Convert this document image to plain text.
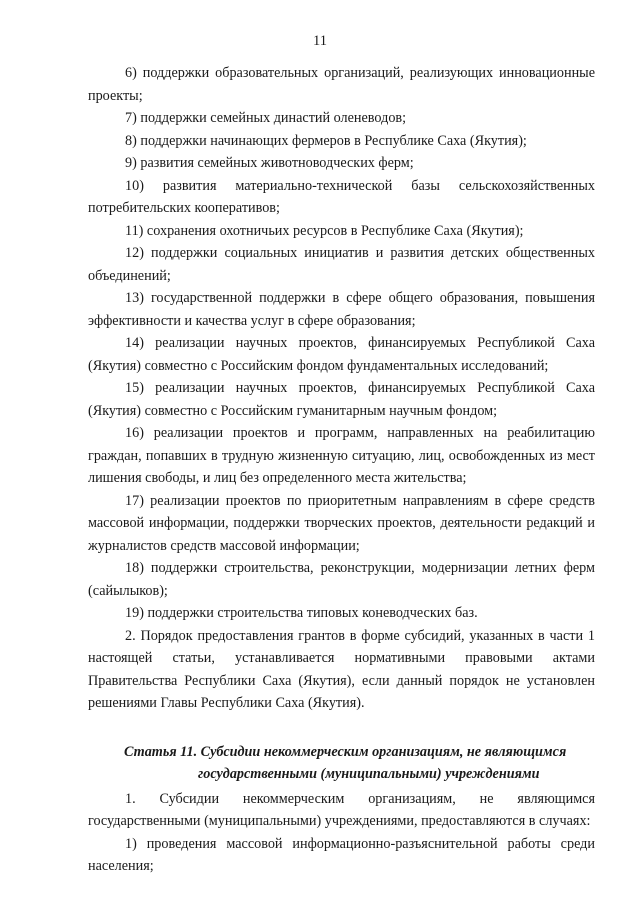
11

6) поддержки образовательных организаций, реализующих инновационные проекты;

7) поддержки семейных династий оленеводов;

8) поддержки начинающих фермеров в Республике Саха (Якутия);

9) развития семейных животноводческих ферм;

10) развития материально-технической базы сельскохозяйственных потребительских кооперативов;

11) сохранения охотничьих ресурсов в Республике Саха (Якутия);

12) поддержки социальных инициатив и развития детских общественных объединений;

13) государственной поддержки в сфере общего образования, повышения эффективности и качества услуг в сфере образования;

14) реализации научных проектов, финансируемых Республикой Саха (Якутия) совместно с Российским фондом фундаментальных исследований;

15) реализации научных проектов, финансируемых Республикой Саха (Якутия) совместно с Российским гуманитарным научным фондом;

16) реализации проектов и программ, направленных на реабилитацию граждан, попавших в трудную жизненную ситуацию, лиц, освобожденных из мест лишения свободы, и лиц без определенного места жительства;

17) реализации проектов по приоритетным направлениям в сфере средств массовой информации, поддержки творческих проектов, деятельности редакций и журналистов средств массовой информации;

18) поддержки строительства, реконструкции, модернизации летних ферм (сайылыков);

19) поддержки строительства типовых коневодческих баз.

2. Порядок предоставления грантов в форме субсидий, указанных в части 1 настоящей статьи, устанавливается нормативными правовыми актами Правительства Республики Саха (Якутия), если данный порядок не установлен решениями Главы Республики Саха (Якутия).

Статья 11. Субсидии некоммерческим организациям, не являющимся
государственными (муниципальными) учреждениями

1. Субсидии некоммерческим организациям, не являющимся государственными (муниципальными) учреждениями, предоставляются в случаях:

1) проведения массовой информационно-разъяснительной работы среди населения;
